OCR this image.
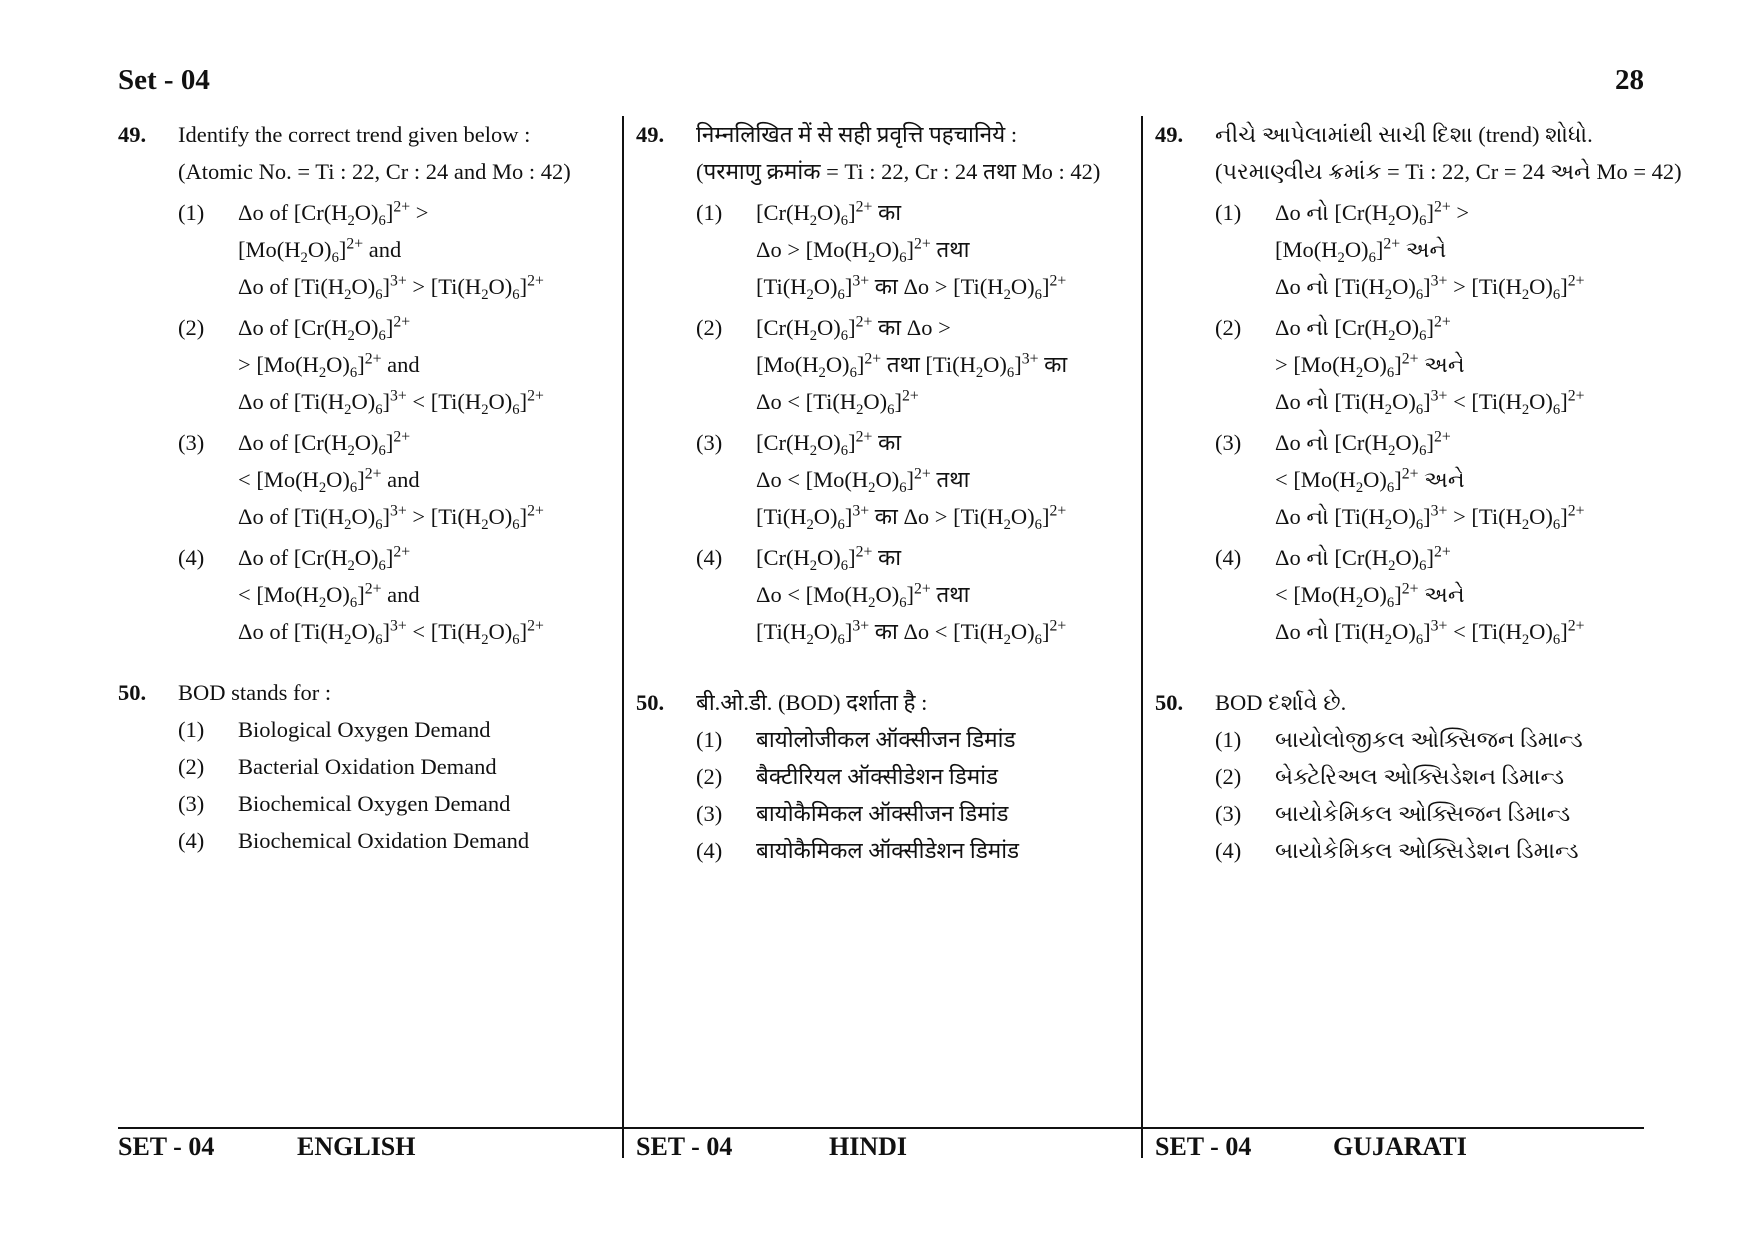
Set - 04	28
49. Identify the correct trend given below :
(Atomic No. = Ti : 22, Cr : 24 and Mo : 42)
(1) Δo of $[Cr(H_2O)_6]^{2+}$ >
$[Mo(H_2O)_6]^{2+}$ and
Δo of $[Ti(H_2O)_6]^{3+} > [Ti(H_2O)_6]^{2+}$
(2) Δo of $[Cr(H_2O)_6]^{2+}$
> $[Mo(H_2O)_6]^{2+}$ and
Δo of $[Ti(H_2O)_6]^{3+} < [Ti(H_2O)_6]^{2+}$
(3) Δo of $[Cr(H_2O)_6]^{2+}$
< $[Mo(H_2O)_6]^{2+}$ and
Δo of $[Ti(H_2O)_6]^{3+} > [Ti(H_2O)_6]^{2+}$
(4) Δo of $[Cr(H_2O)_6]^{2+}$
< $[Mo(H_2O)_6]^{2+}$ and
Δo of $[Ti(H_2O)_6]^{3+} < [Ti(H_2O)_6]^{2+}$
50. BOD stands for :
(1) Biological Oxygen Demand
(2) Bacterial Oxidation Demand
(3) Biochemical Oxygen Demand
(4) Biochemical Oxidation Demand
49. निम्नलिखित में से सही प्रवृत्ति पहचानिये :
(परमाणु क्रमांक = Ti : 22, Cr : 24 तथा Mo : 42)
(1) $[Cr(H_2O)_6]^{2+}$ का
$\Delta o > [Mo(H_2O)_6]^{2+}$ तथा
$[Ti(H_2O)_6]^{3+}$ का $\Delta o > [Ti(H_2O)_6]^{2+}$
(2) $[Cr(H_2O)_6]^{2+}$ का Δo >
$[Mo(H_2O)_6]^{2+}$ तथा $[Ti(H_2O)_6]^{3+}$ का
$\Delta o < [Ti(H_2O)_6]^{2+}$
(3) $[Cr(H_2O)_6]^{2+}$ का
$\Delta o < [Mo(H_2O)_6]^{2+}$ तथा
$[Ti(H_2O)_6]^{3+}$ का $\Delta o > [Ti(H_2O)_6]^{2+}$
(4) $[Cr(H_2O)_6]^{2+}$ का
$\Delta o < [Mo(H_2O)_6]^{2+}$ तथा
$[Ti(H_2O)_6]^{3+}$ का $\Delta o < [Ti(H_2O)_6]^{2+}$
50. बी.ओ.डी. (BOD) दर्शाता है :
(1) बायोलोजीकल ऑक्सीजन डिमांड
(2) बैक्टीरियल ऑक्सीडेशन डिमांड
(3) बायोकैमिकल ऑक्सीजन डिमांड
(4) बायोकैमिकल ऑक्सीडेशन डिमांड
49. નીચે આપેલામાંથી સાચી દિશા (trend) શોધો.
(પરમાણ્વીય ક્રમાંક = Ti : 22, Cr = 24 અને Mo = 42)
(1) Δo નો $[Cr(H_2O)_6]^{2+}$ >
$[Mo(H_2O)_6]^{2+}$ અને
Δo નો $[Ti(H_2O)_6]^{3+} > [Ti(H_2O)_6]^{2+}$
(2) Δo નો $[Cr(H_2O)_6]^{2+}$
> $[Mo(H_2O)_6]^{2+}$ અને
Δo નો $[Ti(H_2O)_6]^{3+} < [Ti(H_2O)_6]^{2+}$
(3) Δo નો $[Cr(H_2O)_6]^{2+}$
< $[Mo(H_2O)_6]^{2+}$ અને
Δo નો $[Ti(H_2O)_6]^{3+} > [Ti(H_2O)_6]^{2+}$
(4) Δo નો $[Cr(H_2O)_6]^{2+}$
< $[Mo(H_2O)_6]^{2+}$ અને
Δo નો $[Ti(H_2O)_6]^{3+} < [Ti(H_2O)_6]^{2+}$
50. BOD દર્શાવે છે.
(1) બાયોલોજીકલ ઓક્સિજન ડિમાન્ડ
(2) બેક્ટેરિઅલ ઓક્સિડેશન ડિમાન્ડ
(3) બાયોકેમિકલ ઓક્સિજન ડિમાન્ડ
(4) બાયોકેમિકલ ઓક્સિડેશન ડિમાન્ડ
SET - 04	ENGLISH	SET - 04	HINDI	SET - 04	GUJARATI
